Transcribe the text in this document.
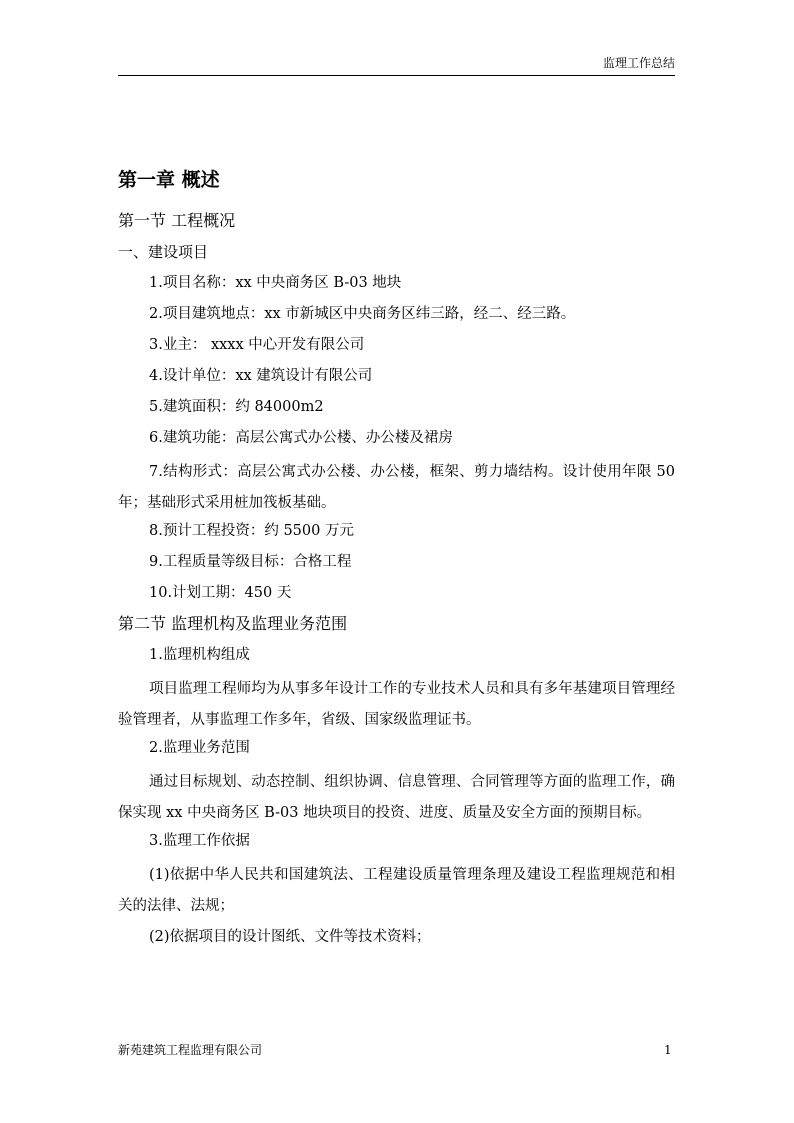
监理工作总结
第一章 概述
第一节 工程概况
一、建设项目
1.项目名称：xx 中央商务区 B-03 地块
2.项目建筑地点：xx 市新城区中央商务区纬三路，经二、经三路。
3.业主： xxxx 中心开发有限公司
4.设计单位：xx 建筑设计有限公司
5.建筑面积：约 84000m2
6.建筑功能：高层公寓式办公楼、办公楼及裙房
7.结构形式：高层公寓式办公楼、办公楼，框架、剪力墙结构。设计使用年限 50 年；基础形式采用桩加筏板基础。
8.预计工程投资：约 5500 万元
9.工程质量等级目标：合格工程
10.计划工期：450 天
第二节 监理机构及监理业务范围
1.监理机构组成
项目监理工程师均为从事多年设计工作的专业技术人员和具有多年基建项目管理经验管理者，从事监理工作多年，省级、国家级监理证书。
2.监理业务范围
通过目标规划、动态控制、组织协调、信息管理、合同管理等方面的监理工作，确保实现 xx 中央商务区 B-03 地块项目的投资、进度、质量及安全方面的预期目标。
3.监理工作依据
(1)依据中华人民共和国建筑法、工程建设质量管理条理及建设工程监理规范和相关的法律、法规；
(2)依据项目的设计图纸、文件等技术资料；
新苑建筑工程监理有限公司	1
